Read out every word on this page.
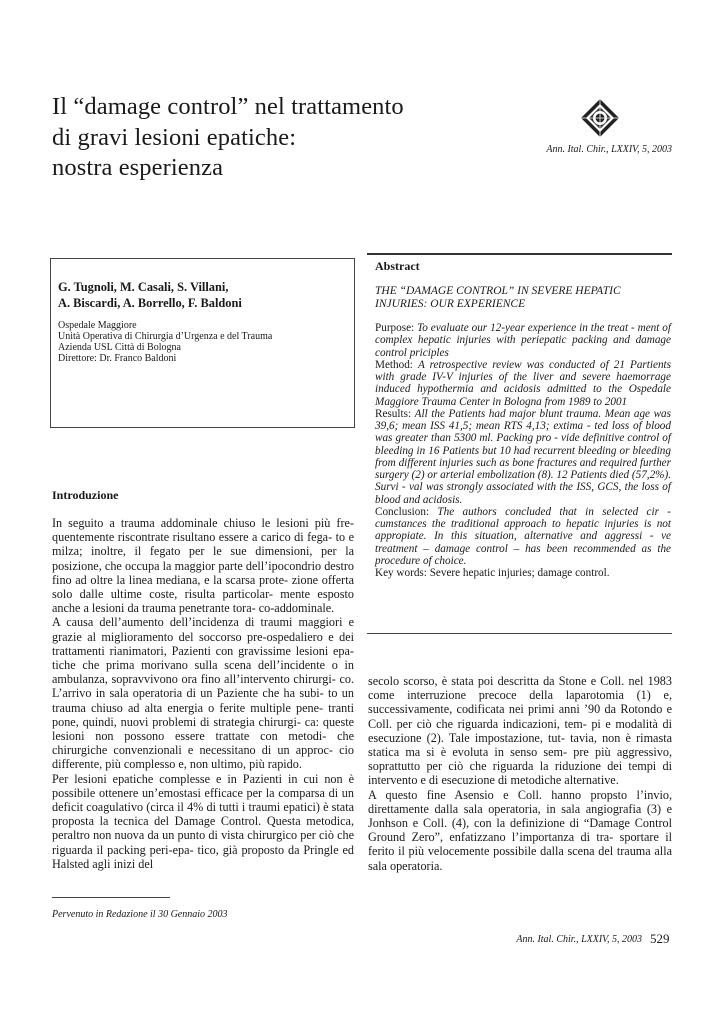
Il “damage control” nel trattamento
di gravi lesioni epatiche:
nostra esperienza
Ann. Ital. Chir., LXXIV, 5, 2003
G. Tugnoli, M. Casali, S. Villani,
A. Biscardi, A. Borrello, F. Baldoni
Ospedale Maggiore
Unità Operativa di Chirurgia d’Urgenza e del Trauma
Azienda USL Città di Bologna
Direttore: Dr. Franco Baldoni
Abstract
THE “DAMAGE CONTROL” IN SEVERE HEPATIC INJURIES: OUR EXPERIENCE

Purpose: To evaluate our 12-year experience in the treat - ment of complex hepatic injuries with periepatic packing and damage control priciples

Method: A retrospective review was conducted of 21 Partients with grade IV-V injuries of the liver and severe haemorrage induced hypothermia and acidosis admitted to the Ospedale Maggiore Trauma Center in Bologna from 1989 to 2001

Results: All the Patients had major blunt trauma. Mean age was 39,6; mean ISS 41,5; mean RTS 4,13; extima - ted loss of blood was greater than 5300 ml. Packing pro - vide definitive control of bleeding in 16 Patients but 10 had recurrent bleeding or bleeding from different injuries such as bone fractures and required further surgery (2) or arterial embolization (8). 12 Patients died (57,2%). Survi - val was strongly associated with the ISS, GCS, the loss of blood and acidosis.

Conclusion: The authors concluded that in selected cir - cumstances the traditional approach to hepatic injuries is not appropiate. In this situation, alternative and aggressi - ve treatment – damage control – has been recommended as the procedure of choice.

Key words: Severe hepatic injuries; damage control.

Introduzione

In seguito a trauma addominale chiuso le lesioni più fre- quentemente riscontrate risultano essere a carico di fega- to e milza; inoltre, il fegato per le sue dimensioni, per la posizione, che occupa la maggior parte dell’ipocondrio destro fino ad oltre la linea mediana, e la scarsa prote- zione offerta solo dalle ultime coste, risulta particolar- mente esposto anche a lesioni da trauma penetrante tora- co-addominale.

A causa dell’aumento dell’incidenza di traumi maggiori e grazie al miglioramento del soccorso pre-ospedaliero e dei trattamenti rianimatori, Pazienti con gravissime lesioni epa- tiche che prima morivano sulla scena dell’incidente o in ambulanza, sopravvivono ora fino all’intervento chirurgi- co. L’arrivo in sala operatoria di un Paziente che ha subi- to un trauma chiuso ad alta energia o ferite multiple pene- tranti pone, quindi, nuovi problemi di strategia chirurgi- ca: queste lesioni non possono essere trattate con metodi- che chirurgiche convenzionali e necessitano di un approc- cio differente, più complesso e, non ultimo, più rapido.

Per lesioni epatiche complesse e in Pazienti in cui non è possibile ottenere un’emostasi efficace per la comparsa di un deficit coagulativo (circa il 4% di tutti i traumi epatici) è stata proposta la tecnica del Damage Control. Questa metodica, peraltro non nuova da un punto di vista chirurgico per ciò che riguarda il packing peri-epa- tico, già proposto da Pringle ed Halsted agli inizi del

secolo scorso, è stata poi descritta da Stone e Coll. nel 1983 come interruzione precoce della laparotomia (1) e, successivamente, codificata nei primi anni ’90 da Rotondo e Coll. per ciò che riguarda indicazioni, tem- pi e modalità di esecuzione (2). Tale impostazione, tut- tavia, non è rimasta statica ma si è evoluta in senso sem- pre più aggressivo, soprattutto per ciò che riguarda la riduzione dei tempi di intervento e di esecuzione di metodiche alternative.

A questo fine Asensio e Coll. hanno propsto l’invio, direttamente dalla sala operatoria, in sala angiografia (3) e Jonhson e Coll. (4), con la definizione di “Damage Control Ground Zero”, enfatizzano l’importanza di tra- sportare il ferito il più velocemente possibile dalla scena del trauma alla sala operatoria.

Pervenuto in Redazione il 30 Gennaio 2003
Ann. Ital. Chir., LXXIV, 5, 2003 529
